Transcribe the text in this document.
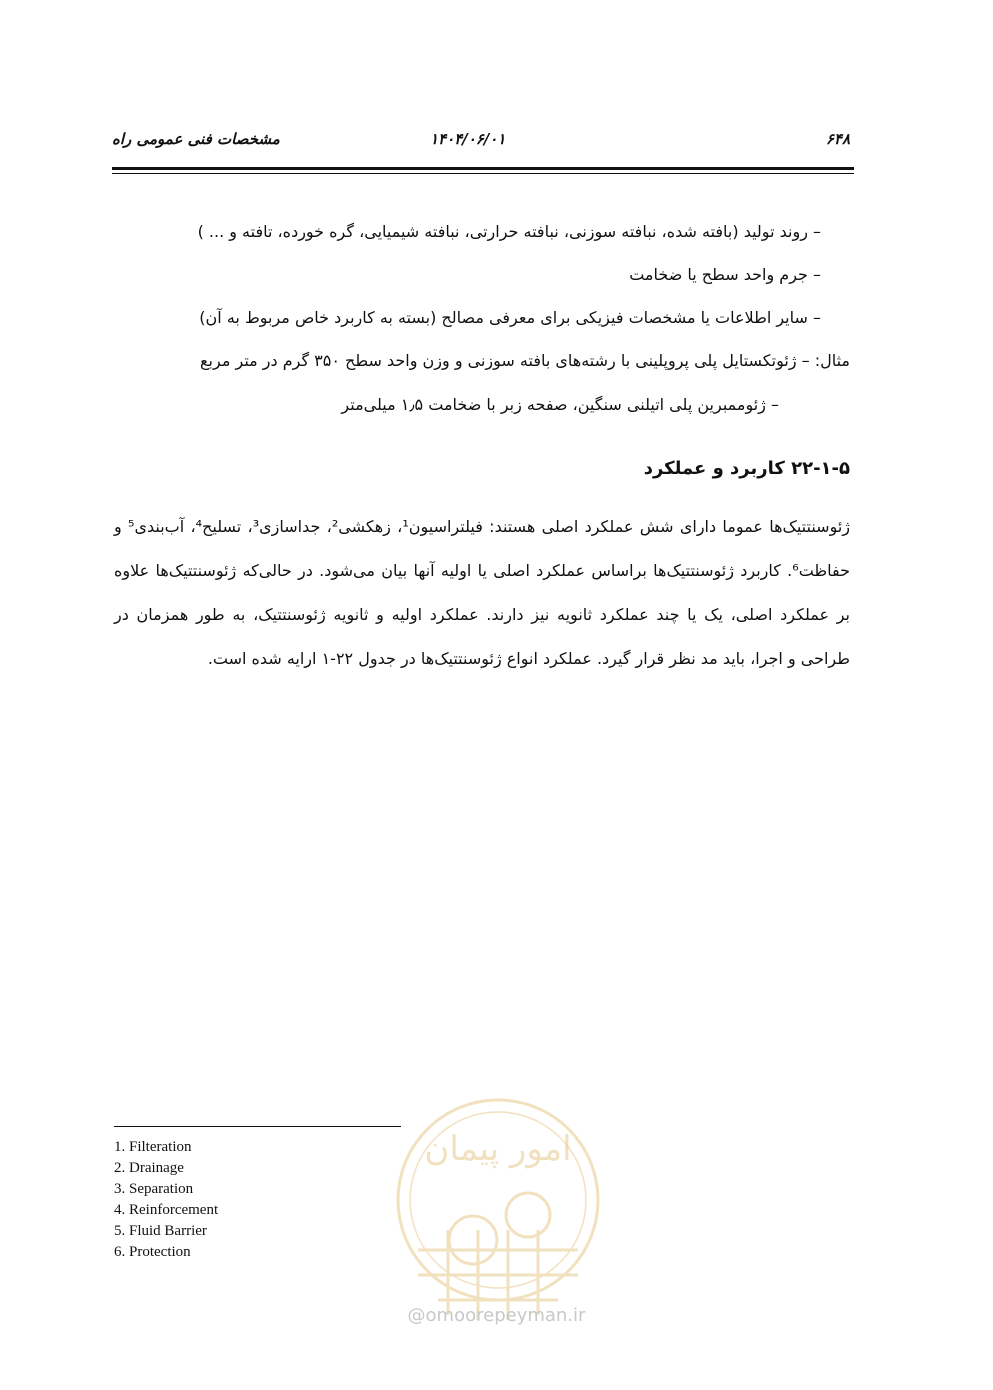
۶۴۸
۱۴۰۴/۰۶/۰۱
مشخصات فنی عمومی راه
– روند تولید (بافته شده، نبافته سوزنی، نبافته حرارتی، نبافته شیمیایی، گره خورده، تافته و ... )
– جرم واحد سطح یا ضخامت
– سایر اطلاعات یا مشخصات فیزیکی برای معرفی مصالح (بسته به کاربرد خاص مربوط به آن)
مثال: – ژئوتکستایل پلی پروپلینی با رشته‌های بافته سوزنی و وزن واحد سطح ۳۵۰ گرم در متر مربع
– ژئوممبرین پلی اتیلنی سنگین، صفحه زبر با ضخامت ۱٫۵ میلی‌متر
۲۲-۱-۵ کاربرد و عملکرد
ژئوسنتتیک‌ها عموما دارای شش عملکرد اصلی هستند: فیلتراسیون¹، زهکشی²، جداسازی³، تسلیح⁴، آب‌بندی⁵ و حفاظت⁶. کاربرد ژئوسنتتیک‌ها براساس عملکرد اصلی یا اولیه آنها بیان می‌شود. در حالی‌که ژئوسنتتیک‌ها علاوه بر عملکرد اصلی، یک یا چند عملکرد ثانویه نیز دارند. عملکرد اولیه و ثانویه ژئوسنتتیک، به طور همزمان در طراحی و اجرا، باید مد نظر قرار گیرد. عملکرد انواع ژئوسنتتیک‌ها در جدول ۲۲-۱ ارایه شده است.
امور پیمان
@omoorepeyman.ir
1. Filteration
2. Drainage
3. Separation
4. Reinforcement
5. Fluid Barrier
6. Protection
